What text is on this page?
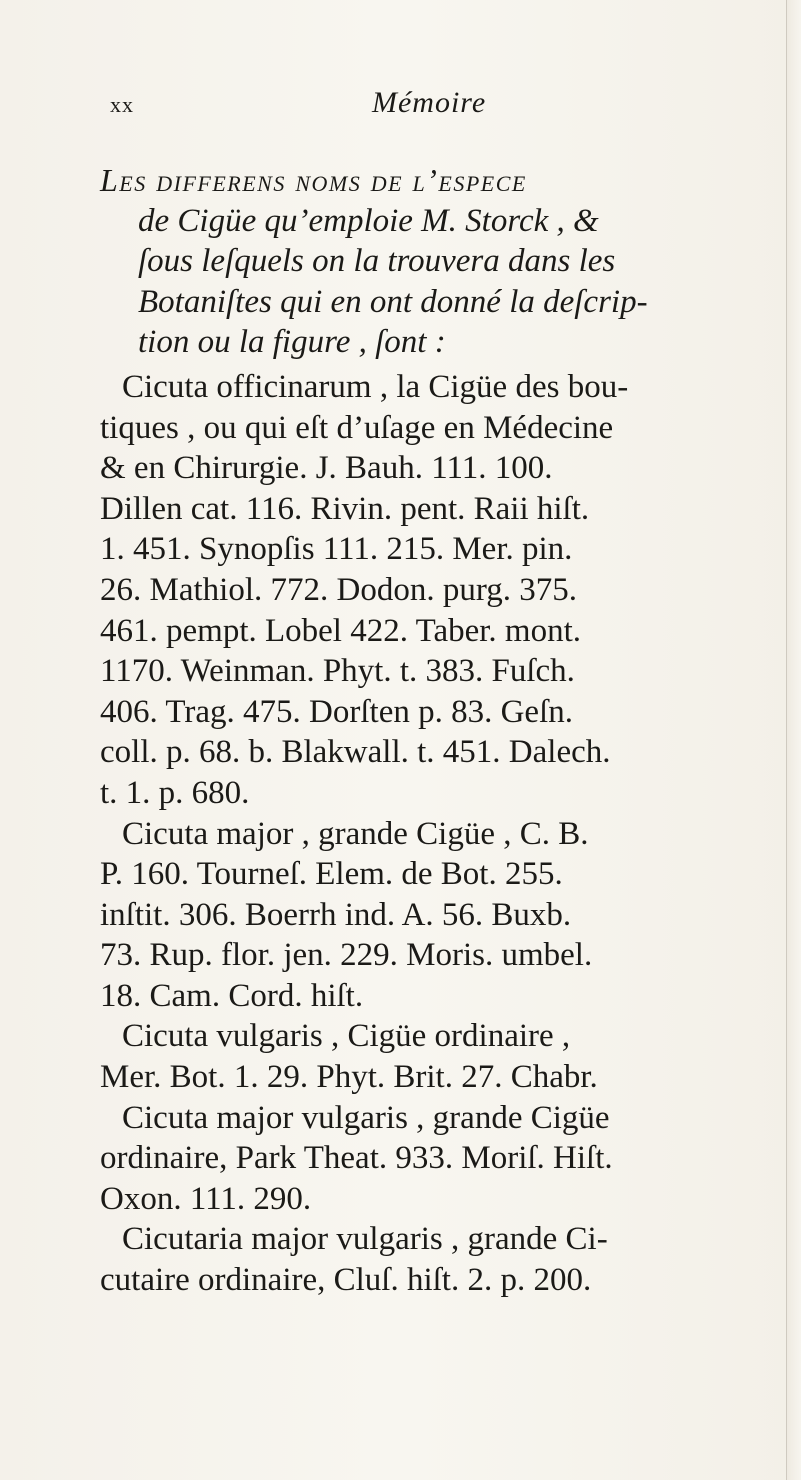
xx	Mémoire
Les differens noms de l’espece
de Cigüe qu’emploie M. Storck , &
ſous leſquels on la trouvera dans les
Botaniſtes qui en ont donné la deſcrip-
tion ou la figure , ſont :
Cicuta officinarum , la Cigüe des bou-
tiques , ou qui eſt d’uſage en Médecine
& en Chirurgie. J. Bauh. 111. 100.
Dillen cat. 116. Rivin. pent. Raii hiſt.
1. 451. Synopſis 111. 215. Mer. pin.
26. Mathiol. 772. Dodon. purg. 375.
461. pempt. Lobel 422. Taber. mont.
1170. Weinman. Phyt. t. 383. Fuſch.
406. Trag. 475. Dorſten p. 83. Geſn.
coll. p. 68. b. Blakwall. t. 451. Dalech.
t. 1. p. 680.
Cicuta major , grande Cigüe , C. B.
P. 160. Tourneſ. Elem. de Bot. 255.
inſtit. 306. Boerrh ind. A. 56. Buxb.
73. Rup. flor. jen. 229. Moris. umbel.
18. Cam. Cord. hiſt.
Cicuta vulgaris , Cigüe ordinaire ,
Mer. Bot. 1. 29. Phyt. Brit. 27. Chabr.
Cicuta major vulgaris , grande Cigüe
ordinaire, Park Theat. 933. Moriſ. Hiſt.
Oxon. 111. 290.
Cicutaria major vulgaris , grande Ci-
cutaire ordinaire, Cluſ. hiſt. 2. p. 200.
